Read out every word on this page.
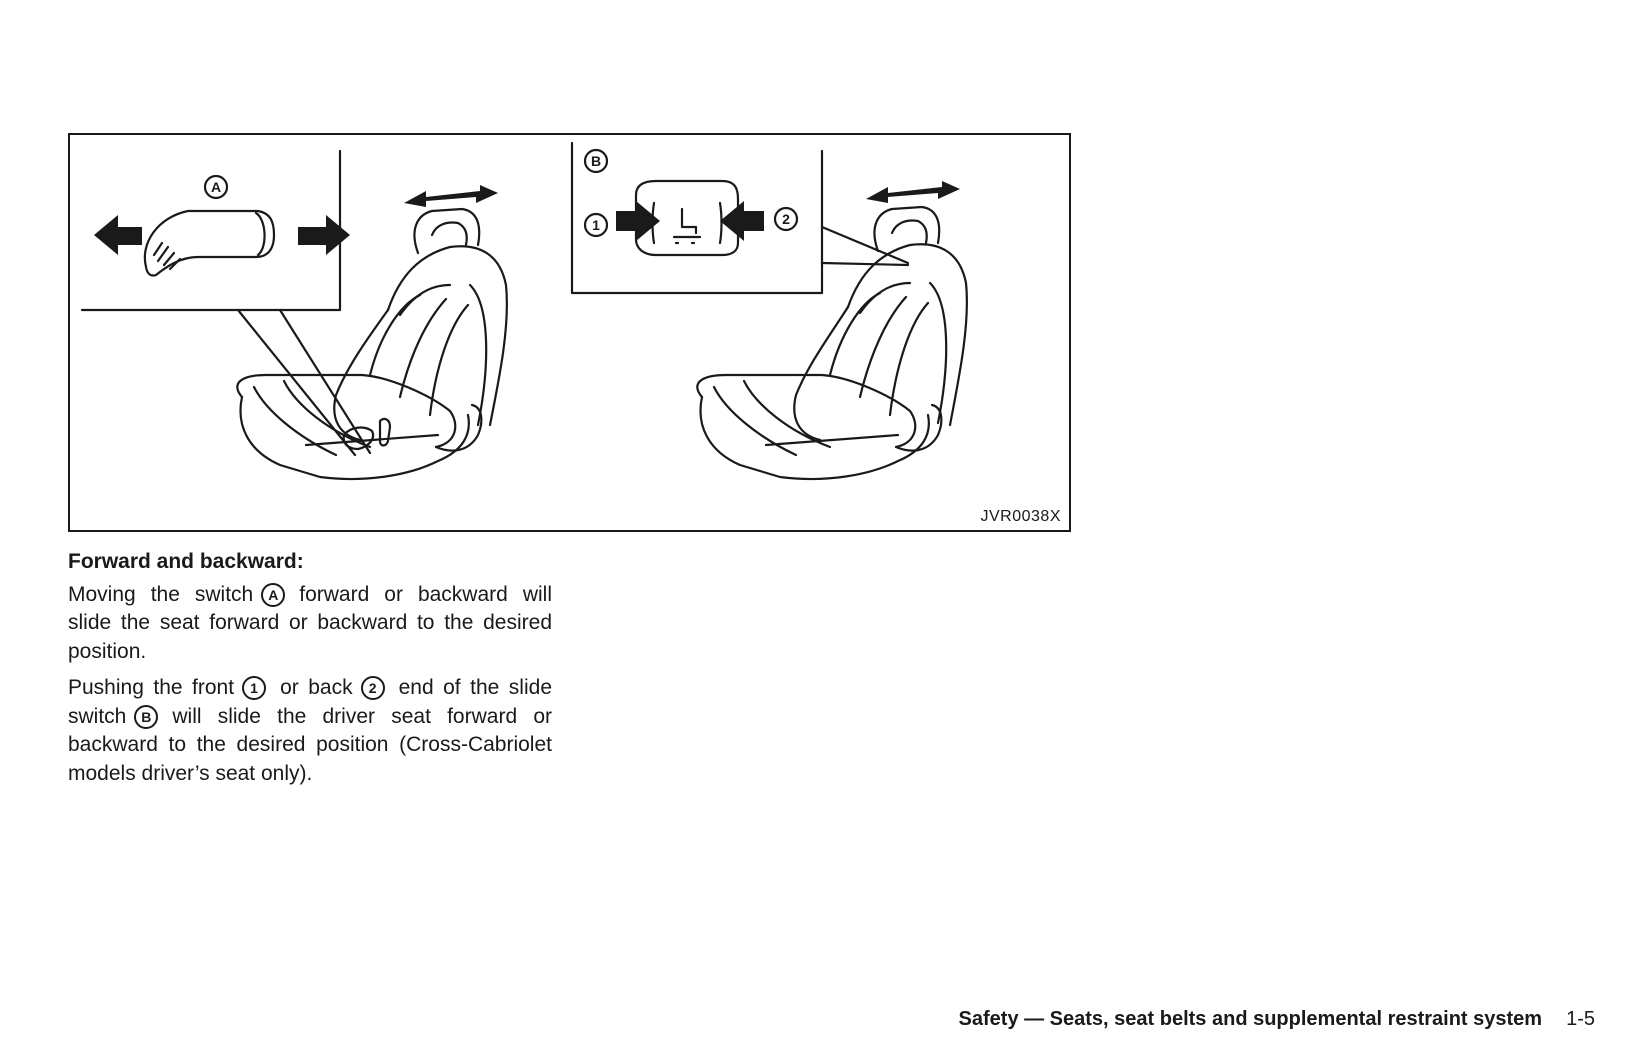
A
B
1	2
JVR0038X
Forward and backward:

Moving the switch A forward or backward will slide the seat forward or backward to the desired position.

Pushing the front 1 or back 2 end of the slide switch B will slide the driver seat forward or backward to the desired position (Cross-Cabriolet models driver’s seat only).

Safety — Seats, seat belts and supplemental restraint system 1-5
